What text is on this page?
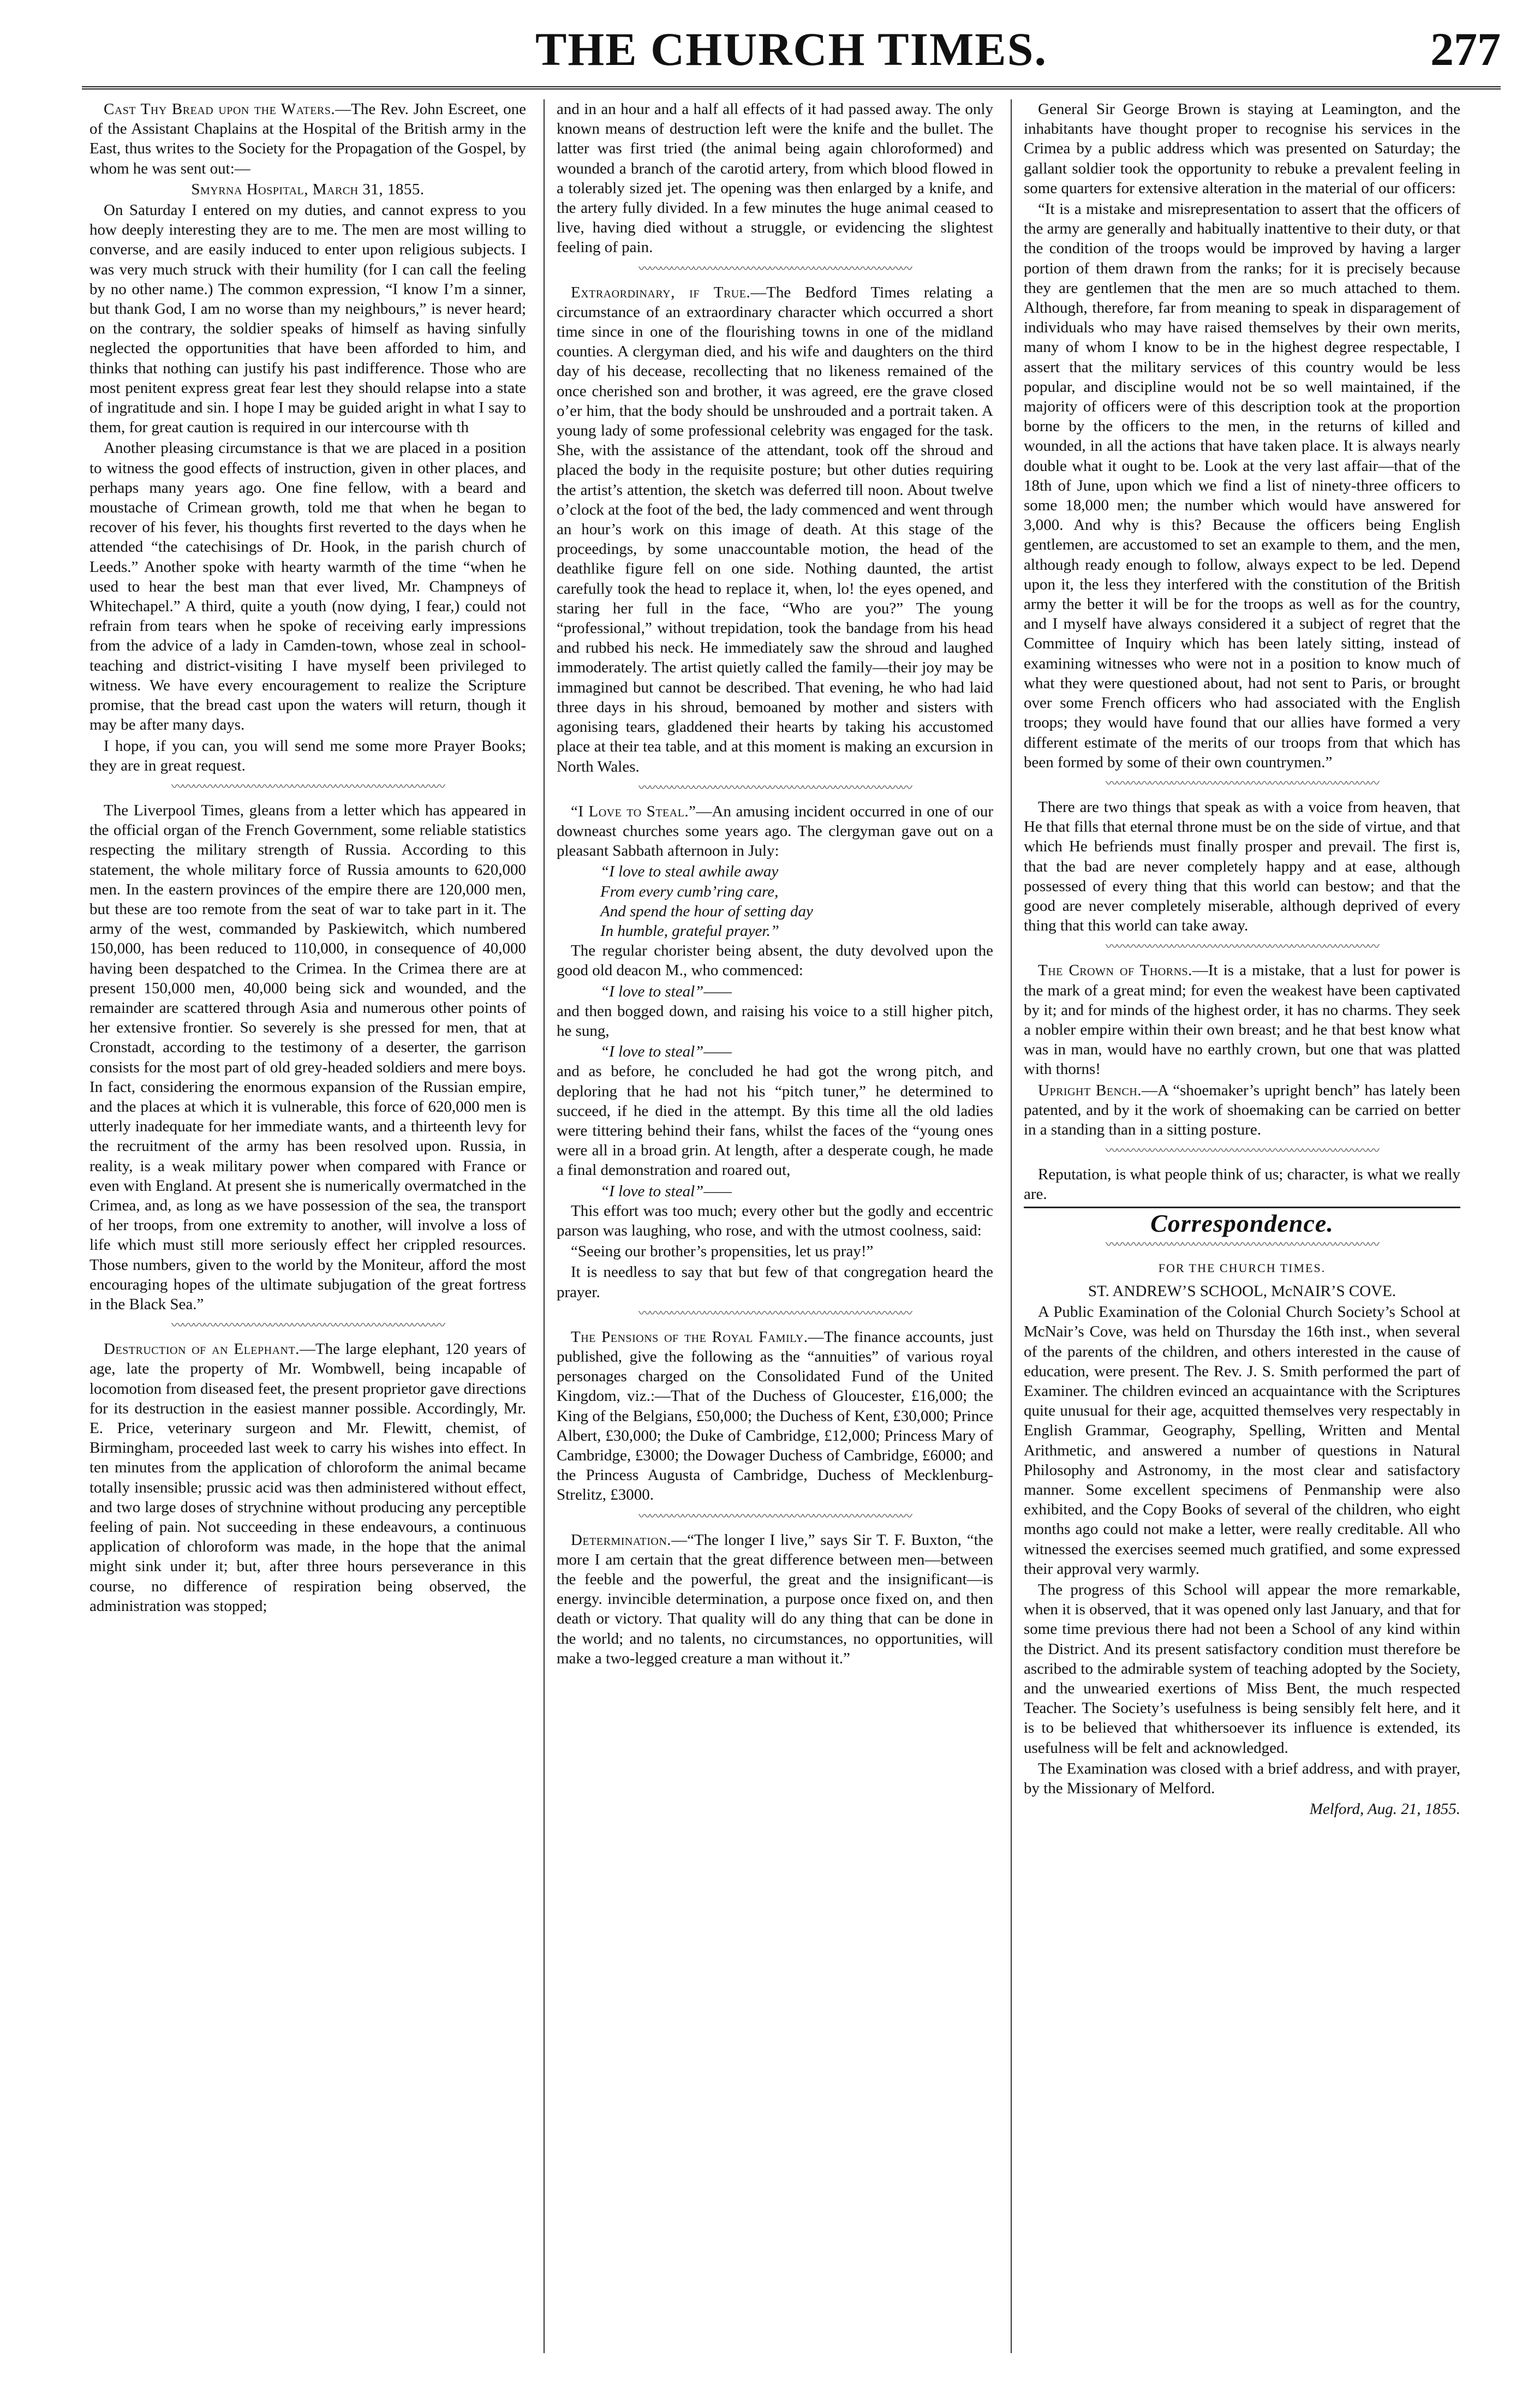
THE CHURCH TIMES.	277

Cast Thy Bread upon the Waters.—The Rev. John Escreet, one of the Assistant Chaplains at the Hospital of the British army in the East, thus writes to the Society for the Propagation of the Gospel, by whom he was sent out:—

Smyrna Hospital, March 31, 1855.

On Saturday I entered on my duties, and cannot express to you how deeply interesting they are to me. The men are most willing to converse, and are easily induced to enter upon religious subjects. I was very much struck with their humility (for I can call the feeling by no other name.) The common expression, “I know I’m a sinner, but thank God, I am no worse than my neighbours,” is never heard; on the contrary, the soldier speaks of himself as having sinfully neglected the opportunities that have been afforded to him, and thinks that nothing can justify his past indifference. Those who are most penitent express great fear lest they should relapse into a state of ingratitude and sin. I hope I may be guided aright in what I say to them, for great caution is required in our intercourse with th

Another pleasing circumstance is that we are placed in a position to witness the good effects of instruction, given in other places, and perhaps many years ago. One fine fellow, with a beard and moustache of Crimean growth, told me that when he began to recover of his fever, his thoughts first reverted to the days when he attended “the catechisings of Dr. Hook, in the parish church of Leeds.” Another spoke with hearty warmth of the time “when he used to hear the best man that ever lived, Mr. Champneys of Whitechapel.” A third, quite a youth (now dying, I fear,) could not refrain from tears when he spoke of receiving early impressions from the advice of a lady in Camden-town, whose zeal in school-teaching and district-visiting I have myself been privileged to witness. We have every encouragement to realize the Scripture promise, that the bread cast upon the waters will return, though it may be after many days.

I hope, if you can, you will send me some more Prayer Books; they are in great request.

〰〰〰〰〰〰〰〰〰〰〰〰〰〰〰〰〰〰〰〰〰〰〰〰〰

The Liverpool Times, gleans from a letter which has appeared in the official organ of the French Government, some reliable statistics respecting the military strength of Russia. According to this statement, the whole military force of Russia amounts to 620,000 men. In the eastern provinces of the empire there are 120,000 men, but these are too remote from the seat of war to take part in it. The army of the west, commanded by Paskiewitch, which numbered 150,000, has been reduced to 110,000, in consequence of 40,000 having been despatched to the Crimea. In the Crimea there are at present 150,000 men, 40,000 being sick and wounded, and the remainder are scattered through Asia and numerous other points of her extensive frontier. So severely is she pressed for men, that at Cronstadt, according to the testimony of a deserter, the garrison consists for the most part of old grey-headed soldiers and mere boys. In fact, considering the enormous expansion of the Russian empire, and the places at which it is vulnerable, this force of 620,000 men is utterly inadequate for her immediate wants, and a thirteenth levy for the recruitment of the army has been resolved upon. Russia, in reality, is a weak military power when compared with France or even with England. At present she is numerically overmatched in the Crimea, and, as long as we have possession of the sea, the transport of her troops, from one extremity to another, will involve a loss of life which must still more seriously effect her crippled resources. Those numbers, given to the world by the Moniteur, afford the most encouraging hopes of the ultimate subjugation of the great fortress in the Black Sea.”

〰〰〰〰〰〰〰〰〰〰〰〰〰〰〰〰〰〰〰〰〰〰〰〰〰

Destruction of an Elephant.—The large elephant, 120 years of age, late the property of Mr. Wombwell, being incapable of locomotion from diseased feet, the present proprietor gave directions for its destruction in the easiest manner possible. Accordingly, Mr. E. Price, veterinary surgeon and Mr. Flewitt, chemist, of Birmingham, proceeded last week to carry his wishes into effect. In ten minutes from the application of chloroform the animal became totally insensible; prussic acid was then administered without effect, and two large doses of strychnine without producing any perceptible feeling of pain. Not succeeding in these endeavours, a continuous application of chloroform was made, in the hope that the animal might sink under it; but, after three hours perseverance in this course, no difference of respiration being observed, the administration was stopped;

and in an hour and a half all effects of it had passed away. The only known means of destruction left were the knife and the bullet. The latter was first tried (the animal being again chloroformed) and wounded a branch of the carotid artery, from which blood flowed in a tolerably sized jet. The opening was then enlarged by a knife, and the artery fully divided. In a few minutes the huge animal ceased to live, having died without a struggle, or evidencing the slightest feeling of pain.

〰〰〰〰〰〰〰〰〰〰〰〰〰〰〰〰〰〰〰〰〰〰〰〰〰

Extraordinary, if True.—The Bedford Times relating a circumstance of an extraordinary character which occurred a short time since in one of the flourishing towns in one of the midland counties. A clergyman died, and his wife and daughters on the third day of his decease, recollecting that no likeness remained of the once cherished son and brother, it was agreed, ere the grave closed o’er him, that the body should be unshrouded and a portrait taken. A young lady of some professional celebrity was engaged for the task. She, with the assistance of the attendant, took off the shroud and placed the body in the requisite posture; but other duties requiring the artist’s attention, the sketch was deferred till noon. About twelve o’clock at the foot of the bed, the lady commenced and went through an hour’s work on this image of death. At this stage of the proceedings, by some unaccountable motion, the head of the deathlike figure fell on one side. Nothing daunted, the artist carefully took the head to replace it, when, lo! the eyes opened, and staring her full in the face, “Who are you?” The young “professional,” without trepidation, took the bandage from his head and rubbed his neck. He immediately saw the shroud and laughed immoderately. The artist quietly called the family—their joy may be immagined but cannot be described. That evening, he who had laid three days in his shroud, bemoaned by mother and sisters with agonising tears, gladdened their hearts by taking his accustomed place at their tea table, and at this moment is making an excursion in North Wales.

〰〰〰〰〰〰〰〰〰〰〰〰〰〰〰〰〰〰〰〰〰〰〰〰〰

“I Love to Steal.”—An amusing incident occurred in one of our downeast churches some years ago. The clergyman gave out on a pleasant Sabbath afternoon in July:

“I love to steal awhile away

From every cumb’ring care,

And spend the hour of setting day

In humble, grateful prayer.”

The regular chorister being absent, the duty devolved upon the good old deacon M., who commenced:

“I love to steal”——

and then bogged down, and raising his voice to a still higher pitch, he sung,

“I love to steal”——

and as before, he concluded he had got the wrong pitch, and deploring that he had not his “pitch tuner,” he determined to succeed, if he died in the attempt. By this time all the old ladies were tittering behind their fans, whilst the faces of the “young ones were all in a broad grin. At length, after a desperate cough, he made a final demonstration and roared out,

“I love to steal”——

This effort was too much; every other but the godly and eccentric parson was laughing, who rose, and with the utmost coolness, said:

“Seeing our brother’s propensities, let us pray!”

It is needless to say that but few of that congregation heard the prayer.

〰〰〰〰〰〰〰〰〰〰〰〰〰〰〰〰〰〰〰〰〰〰〰〰〰

The Pensions of the Royal Family.—The finance accounts, just published, give the following as the “annuities” of various royal personages charged on the Consolidated Fund of the United Kingdom, viz.:—That of the Duchess of Gloucester, £16,000; the King of the Belgians, £50,000; the Duchess of Kent, £30,000; Prince Albert, £30,000; the Duke of Cambridge, £12,000; Princess Mary of Cambridge, £3000; the Dowager Duchess of Cambridge, £6000; and the Princess Augusta of Cambridge, Duchess of Mecklenburg-Strelitz, £3000.

〰〰〰〰〰〰〰〰〰〰〰〰〰〰〰〰〰〰〰〰〰〰〰〰〰

Determination.—“The longer I live,” says Sir T. F. Buxton, “the more I am certain that the great difference between men—between the feeble and the powerful, the great and the insignificant—is energy. invincible determination, a purpose once fixed on, and then death or victory. That quality will do any thing that can be done in the world; and no talents, no circumstances, no opportunities, will make a two-legged creature a man without it.”

General Sir George Brown is staying at Leamington, and the inhabitants have thought proper to recognise his services in the Crimea by a public address which was presented on Saturday; the gallant soldier took the opportunity to rebuke a prevalent feeling in some quarters for extensive alteration in the material of our officers:

“It is a mistake and misrepresentation to assert that the officers of the army are generally and habitually inattentive to their duty, or that the condition of the troops would be improved by having a larger portion of them drawn from the ranks; for it is precisely because they are gentlemen that the men are so much attached to them. Although, therefore, far from meaning to speak in disparagement of individuals who may have raised themselves by their own merits, many of whom I know to be in the highest degree respectable, I assert that the military services of this country would be less popular, and discipline would not be so well maintained, if the majority of officers were of this description took at the proportion borne by the officers to the men, in the returns of killed and wounded, in all the actions that have taken place. It is always nearly double what it ought to be. Look at the very last affair—that of the 18th of June, upon which we find a list of ninety-three officers to some 18,000 men; the number which would have answered for 3,000. And why is this? Because the officers being English gentlemen, are accustomed to set an example to them, and the men, although ready enough to follow, always expect to be led. Depend upon it, the less they interfered with the constitution of the British army the better it will be for the troops as well as for the country, and I myself have always considered it a subject of regret that the Committee of Inquiry which has been lately sitting, instead of examining witnesses who were not in a position to know much of what they were questioned about, had not sent to Paris, or brought over some French officers who had associated with the English troops; they would have found that our allies have formed a very different estimate of the merits of our troops from that which has been formed by some of their own countrymen.”

〰〰〰〰〰〰〰〰〰〰〰〰〰〰〰〰〰〰〰〰〰〰〰〰〰

There are two things that speak as with a voice from heaven, that He that fills that eternal throne must be on the side of virtue, and that which He befriends must finally prosper and prevail. The first is, that the bad are never completely happy and at ease, although possessed of every thing that this world can bestow; and that the good are never completely miserable, although deprived of every thing that this world can take away.

〰〰〰〰〰〰〰〰〰〰〰〰〰〰〰〰〰〰〰〰〰〰〰〰〰

The Crown of Thorns.—It is a mistake, that a lust for power is the mark of a great mind; for even the weakest have been captivated by it; and for minds of the highest order, it has no charms. They seek a nobler empire within their own breast; and he that best know what was in man, would have no earthly crown, but one that was platted with thorns!

Upright Bench.—A “shoemaker’s upright bench” has lately been patented, and by it the work of shoemaking can be carried on better in a standing than in a sitting posture.

〰〰〰〰〰〰〰〰〰〰〰〰〰〰〰〰〰〰〰〰〰〰〰〰〰

Reputation, is what people think of us; character, is what we really are.

Correspondence.
〰〰〰〰〰〰〰〰〰〰〰〰〰〰〰〰〰〰〰〰〰〰〰〰〰
FOR THE CHURCH TIMES.

ST. ANDREW’S SCHOOL, McNAIR’S COVE.

A Public Examination of the Colonial Church Society’s School at McNair’s Cove, was held on Thursday the 16th inst., when several of the parents of the children, and others interested in the cause of education, were present. The Rev. J. S. Smith performed the part of Examiner. The children evinced an acquaintance with the Scriptures quite unusual for their age, acquitted themselves very respectably in English Grammar, Geography, Spelling, Written and Mental Arithmetic, and answered a number of questions in Natural Philosophy and Astronomy, in the most clear and satisfactory manner. Some excellent specimens of Penmanship were also exhibited, and the Copy Books of several of the children, who eight months ago could not make a letter, were really creditable. All who witnessed the exercises seemed much gratified, and some expressed their approval very warmly.

The progress of this School will appear the more remarkable, when it is observed, that it was opened only last January, and that for some time previous there had not been a School of any kind within the District. And its present satisfactory condition must therefore be ascribed to the admirable system of teaching adopted by the Society, and the unwearied exertions of Miss Bent, the much respected Teacher. The Society’s usefulness is being sensibly felt here, and it is to be believed that whithersoever its influence is extended, its usefulness will be felt and acknowledged.

The Examination was closed with a brief address, and with prayer, by the Missionary of Melford.

Melford, Aug. 21, 1855.
